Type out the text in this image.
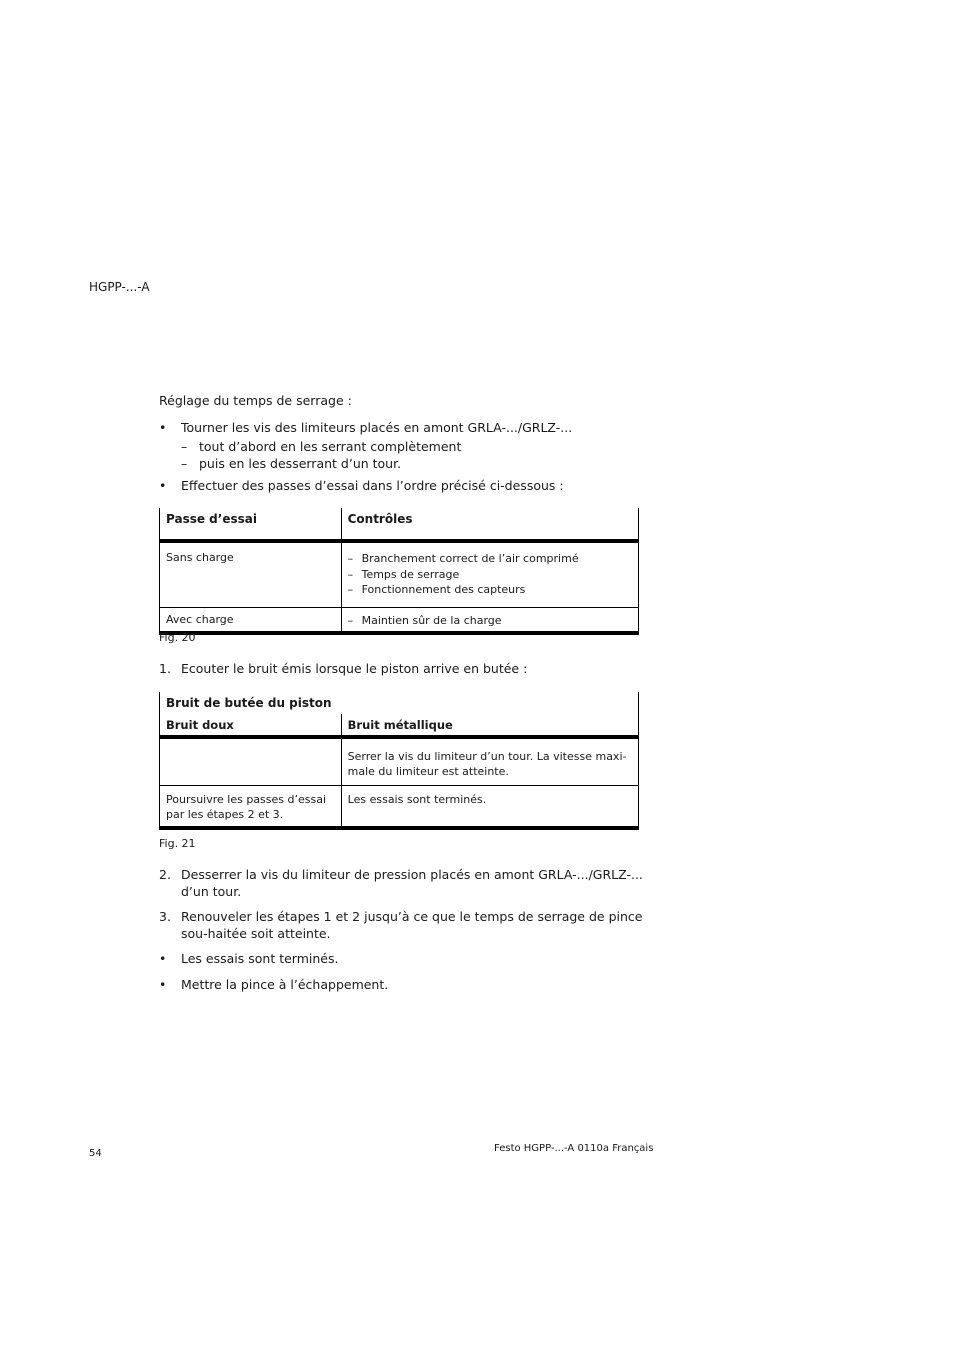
HGPP-...-A
Réglage du temps de serrage :
• Tourner les vis des limiteurs placés en amont GRLA-.../GRLZ-...
– tout d’abord en les serrant complètement
– puis en les desserrant d’un tour.
• Effectuer des passes d’essai dans l’ordre précisé ci-dessous :
Passe d’essai	Contrôles
Sans charge	– Branchement correct de l’air comprimé
– Temps de serrage
– Fonctionnement des capteurs

Avec charge	– Maintien sûr de la charge
Fig. 20
1. Ecouter le bruit émis lorsque le piston arrive en butée :
Bruit de butée du piston	
Bruit doux	Bruit métallique
	Serrer la vis du limiteur d’un tour. La vitesse maxi-male du limiteur est atteinte.
Poursuivre les passes d’essai par les étapes 2 et 3.	Les essais sont terminés.
Fig. 21
2. Desserrer la vis du limiteur de pression placés en amont GRLA-.../GRLZ-... d’un tour.
3. Renouveler les étapes 1 et 2 jusqu’à ce que le temps de serrage de pince sou-haitée soit atteinte.
• Les essais sont terminés.
• Mettre la pince à l’échappement.
54	Festo HGPP-...-A 0110a Français
